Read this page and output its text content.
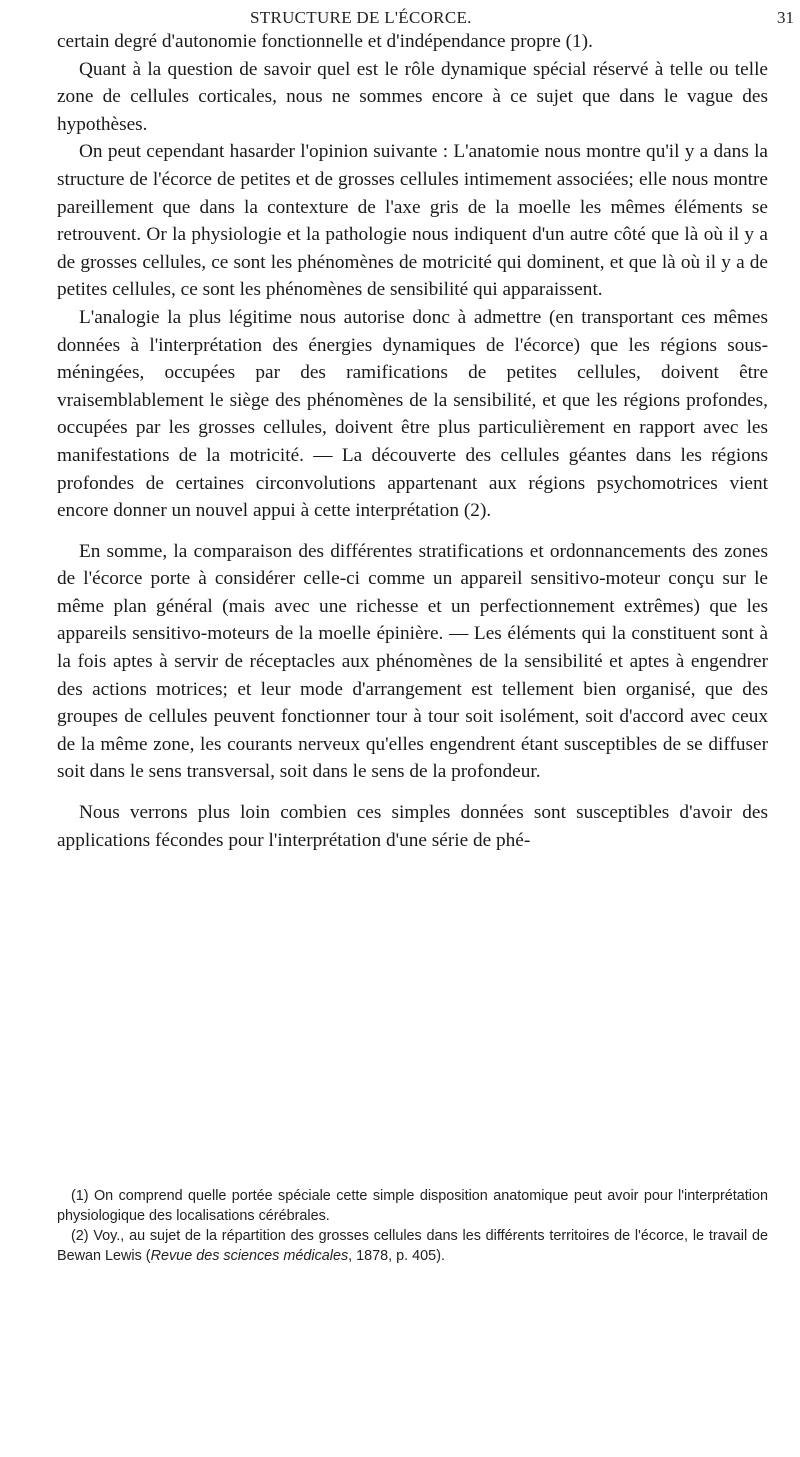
STRUCTURE DE L'ÉCORCE.	31

certain degré d'autonomie fonctionnelle et d'indépendance propre (1).

Quant à la question de savoir quel est le rôle dynamique spécial réservé à telle ou telle zone de cellules corticales, nous ne sommes encore à ce sujet que dans le vague des hypothèses.

On peut cependant hasarder l'opinion suivante : L'anatomie nous montre qu'il y a dans la structure de l'écorce de petites et de grosses cellules intimement associées; elle nous montre pareillement que dans la contexture de l'axe gris de la moelle les mêmes éléments se retrouvent. Or la physiologie et la pathologie nous indiquent d'un autre côté que là où il y a de grosses cellules, ce sont les phénomènes de motricité qui dominent, et que là où il y a de petites cellules, ce sont les phénomènes de sensibilité qui apparaissent.

L'analogie la plus légitime nous autorise donc à admettre (en transportant ces mêmes données à l'interprétation des énergies dynamiques de l'écorce) que les régions sous-méningées, occupées par des ramifications de petites cellules, doivent être vraisemblablement le siège des phénomènes de la sensibilité, et que les régions profondes, occupées par les grosses cellules, doivent être plus particulièrement en rapport avec les manifestations de la motricité. — La découverte des cellules géantes dans les régions profondes de certaines circonvolutions appartenant aux régions psychomotrices vient encore donner un nouvel appui à cette interprétation (2).

En somme, la comparaison des différentes stratifications et ordonnancements des zones de l'écorce porte à considérer celle-ci comme un appareil sensitivo-moteur conçu sur le même plan général (mais avec une richesse et un perfectionnement extrêmes) que les appareils sensitivo-moteurs de la moelle épinière. — Les éléments qui la constituent sont à la fois aptes à servir de réceptacles aux phénomènes de la sensibilité et aptes à engendrer des actions motrices; et leur mode d'arrangement est tellement bien organisé, que des groupes de cellules peuvent fonctionner tour à tour soit isolément, soit d'accord avec ceux de la même zone, les courants nerveux qu'elles engendrent étant susceptibles de se diffuser soit dans le sens transversal, soit dans le sens de la profondeur.

Nous verrons plus loin combien ces simples données sont susceptibles d'avoir des applications fécondes pour l'interprétation d'une série de phé-

(1) On comprend quelle portée spéciale cette simple disposition anatomique peut avoir pour l'interprétation physiologique des localisations cérébrales.

(2) Voy., au sujet de la répartition des grosses cellules dans les différents territoires de l'écorce, le travail de Bewan Lewis (Revue des sciences médicales, 1878, p. 405).
